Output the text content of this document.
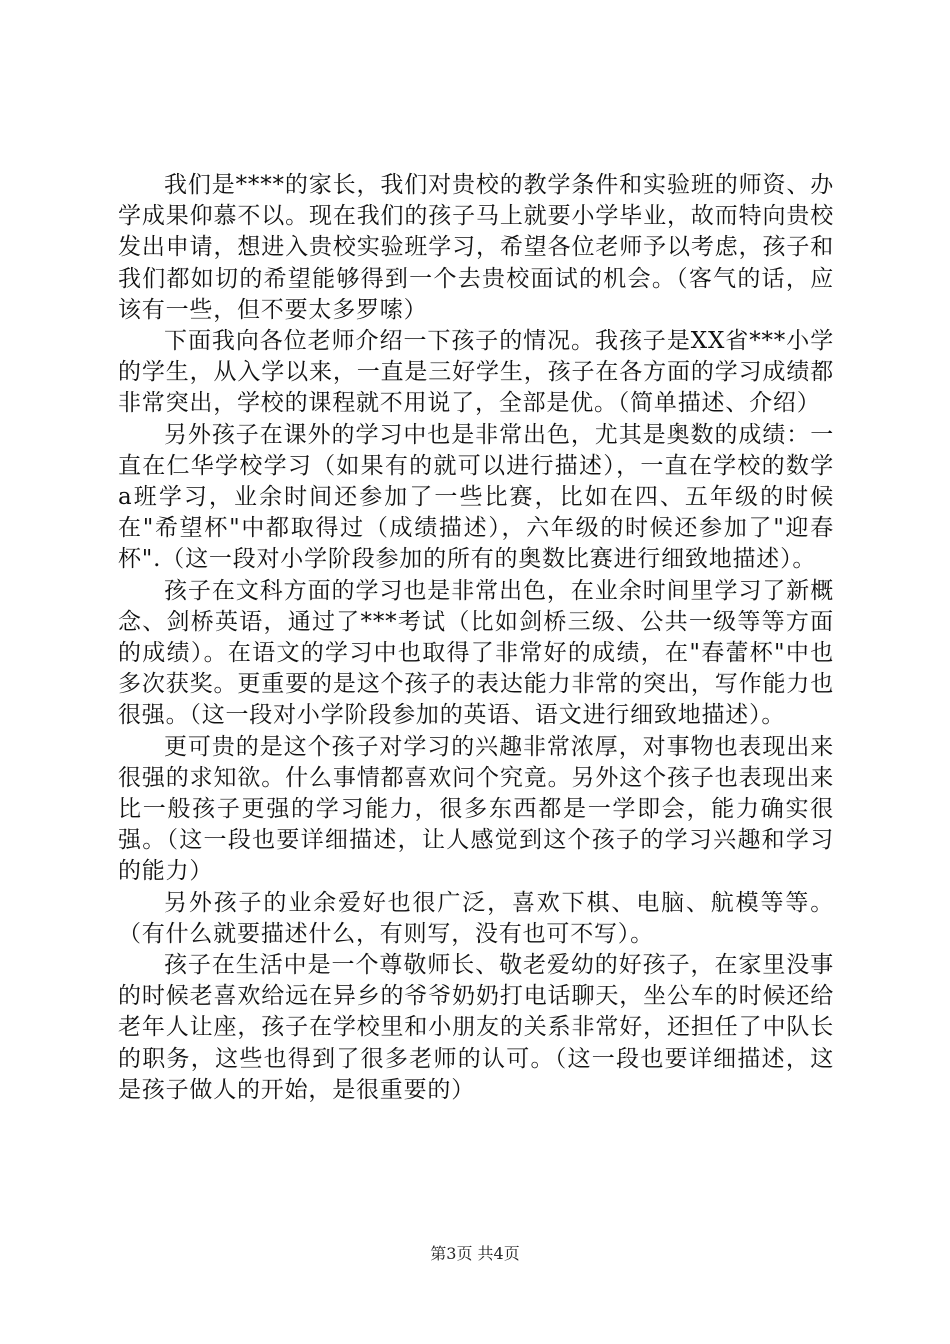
我们是****的家长，我们对贵校的教学条件和实验班的师资、办学成果仰慕不以。现在我们的孩子马上就要小学毕业，故而特向贵校发出申请，想进入贵校实验班学习，希望各位老师予以考虑，孩子和我们都如切的希望能够得到一个去贵校面试的机会。（客气的话，应该有一些，但不要太多罗嗦）

下面我向各位老师介绍一下孩子的情况。我孩子是XX省***小学的学生，从入学以来，一直是三好学生，孩子在各方面的学习成绩都非常突出，学校的课程就不用说了，全部是优。（简单描述、介绍）

另外孩子在课外的学习中也是非常出色，尤其是奥数的成绩：一直在仁华学校学习（如果有的就可以进行描述），一直在学校的数学a班学习，业余时间还参加了一些比赛，比如在四、五年级的时候在"希望杯"中都取得过（成绩描述），六年级的时候还参加了"迎春杯".（这一段对小学阶段参加的所有的奥数比赛进行细致地描述）。

孩子在文科方面的学习也是非常出色，在业余时间里学习了新概念、剑桥英语，通过了***考试（比如剑桥三级、公共一级等等方面的成绩）。在语文的学习中也取得了非常好的成绩，在"春蕾杯"中也多次获奖。更重要的是这个孩子的表达能力非常的突出，写作能力也很强。（这一段对小学阶段参加的英语、语文进行细致地描述）。

更可贵的是这个孩子对学习的兴趣非常浓厚，对事物也表现出来很强的求知欲。什么事情都喜欢问个究竟。另外这个孩子也表现出来比一般孩子更强的学习能力，很多东西都是一学即会，能力确实很强。（这一段也要详细描述，让人感觉到这个孩子的学习兴趣和学习的能力）

另外孩子的业余爱好也很广泛，喜欢下棋、电脑、航模等等。（有什么就要描述什么，有则写，没有也可不写）。

孩子在生活中是一个尊敬师长、敬老爱幼的好孩子，在家里没事的时候老喜欢给远在异乡的爷爷奶奶打电话聊天，坐公车的时候还给老年人让座，孩子在学校里和小朋友的关系非常好，还担任了中队长的职务，这些也得到了很多老师的认可。（这一段也要详细描述，这是孩子做人的开始，是很重要的）

第3页 共4页
